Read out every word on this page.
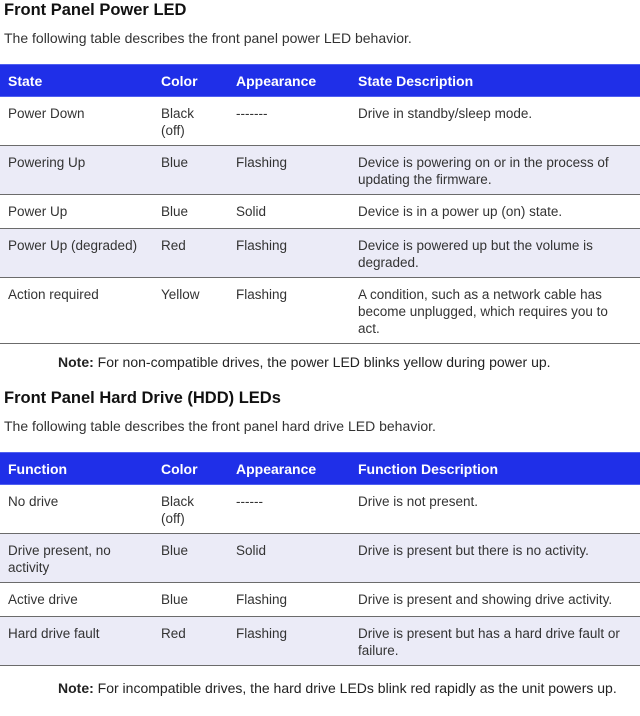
Front Panel Power LED

The following table describes the front panel power LED behavior.

State	Color	Appearance	State Description
Power Down	Black (off)	-------	Drive in standby/sleep mode.
Powering Up	Blue	Flashing	Device is powering on or in the process of updating the firmware.
Power Up	Blue	Solid	Device is in a power up (on) state.
Power Up (degraded)	Red	Flashing	Device is powered up but the volume is degraded.
Action required	Yellow	Flashing	A condition, such as a network cable has become unplugged, which requires you to act.

Note: For non-compatible drives, the power LED blinks yellow during power up.

Front Panel Hard Drive (HDD) LEDs

The following table describes the front panel hard drive LED behavior.

Function	Color	Appearance	Function Description
No drive	Black (off)	------	Drive is not present.
Drive present, no activity	Blue	Solid	Drive is present but there is no activity.
Active drive	Blue	Flashing	Drive is present and showing drive activity.
Hard drive fault	Red	Flashing	Drive is present but has a hard drive fault or failure.
Note: For incompatible drives, the hard drive LEDs blink red rapidly as the unit powers up.
